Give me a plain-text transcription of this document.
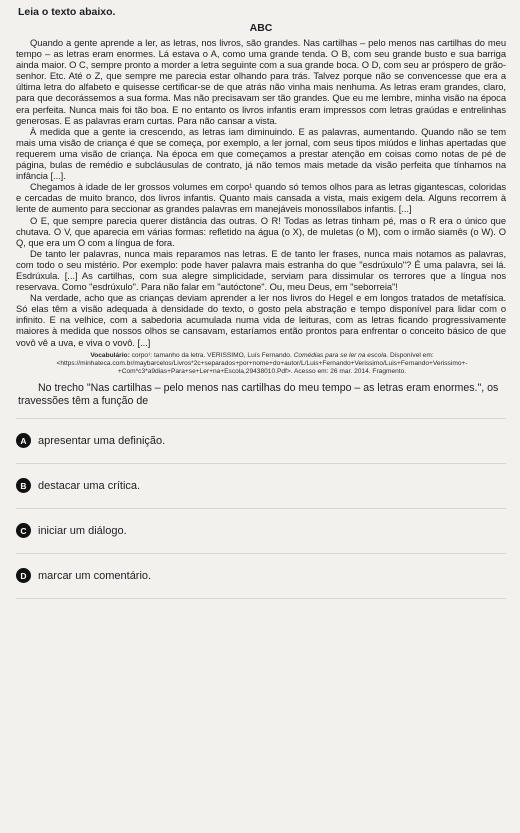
Leia o texto abaixo.
ABC

Quando a gente aprende a ler, as letras, nos livros, são grandes. Nas cartilhas – pelo menos nas cartilhas do meu tempo – as letras eram enormes. Lá estava o A, como uma grande tenda. O B, com seu grande busto e sua barriga ainda maior. O C, sempre pronto a morder a letra seguinte com a sua grande boca. O D, com seu ar próspero de grão-senhor. Etc. Até o Z, que sempre me parecia estar olhando para trás. Talvez porque não se convencesse que era a última letra do alfabeto e quisesse certificar-se de que atrás não vinha mais nenhuma. As letras eram grandes, claro, para que decorássemos a sua forma. Mas não precisavam ser tão grandes. Que eu me lembre, minha visão na época era perfeita. Nunca mais foi tão boa. E no entanto os livros infantis eram impressos com letras graúdas e entrelinhas generosas. E as palavras eram curtas. Para não cansar a vista.

À medida que a gente ia crescendo, as letras iam diminuindo. E as palavras, aumentando. Quando não se tem mais uma visão de criança é que se começa, por exemplo, a ler jornal, com seus tipos miúdos e linhas apertadas que requerem uma visão de criança. Na época em que começamos a prestar atenção em coisas como notas de pé de página, bulas de remédio e subcláusulas de contrato, já não temos mais metade da visão perfeita que tínhamos na infância [...].

Chegamos à idade de ler grossos volumes em corpo¹ quando só temos olhos para as letras gigantescas, coloridas e cercadas de muito branco, dos livros infantis. Quanto mais cansada a vista, mais exigem dela. Alguns recorrem à lente de aumento para seccionar as grandes palavras em manejáveis monossílabos infantis. [...]

O E, que sempre parecia querer distância das outras. O R! Todas as letras tinham pé, mas o R era o único que chutava. O V, que aparecia em várias formas: refletido na água (o X), de muletas (o M), com o irmão siamês (o W). O Q, que era um O com a língua de fora.

De tanto ler palavras, nunca mais reparamos nas letras. E de tanto ler frases, nunca mais notamos as palavras, com todo o seu mistério. Por exemplo: pode haver palavra mais estranha do que "esdrúxulo"? É uma palavra, sei lá. Esdrúxula. [...] As cartilhas, com sua alegre simplicidade, serviam para dissimular os terrores que a língua nos reservava. Como "esdrúxulo". Para não falar em "autóctone". Ou, meu Deus, em "seborreia"!

Na verdade, acho que as crianças deviam aprender a ler nos livros do Hegel e em longos tratados de metafísica. Só elas têm a visão adequada à densidade do texto, o gosto pela abstração e tempo disponível para lidar com o infinito. E na velhice, com a sabedoria acumulada numa vida de leituras, com as letras ficando progressivamente maiores à medida que nossos olhos se cansavam, estaríamos então prontos para enfrentar o conceito básico de que vovô vê a uva, e viva o vovô. [...]

Vocabulário: corpo¹: tamanho da letra. VERISSIMO, Luís Fernando. Comédias para se ler na escola. Disponível em: <https://minhateca.com.br/maybarcelos/Livros*2c+separados+por+nome+do+autor/L/Luis+Fernando+Verissimo/Luis+Fernando+Verissimo+-+Com*c3*a9dias+Para+se+Ler+na+Escola,29438010.Pdf>. Acesso em: 26 mar. 2014. Fragmento.
No trecho "Nas cartilhas – pelo menos nas cartilhas do meu tempo – as letras eram enormes.", os travessões têm a função de
A	apresentar uma definição.
B	destacar uma crítica.
C	iniciar um diálogo.
D	marcar um comentário.
